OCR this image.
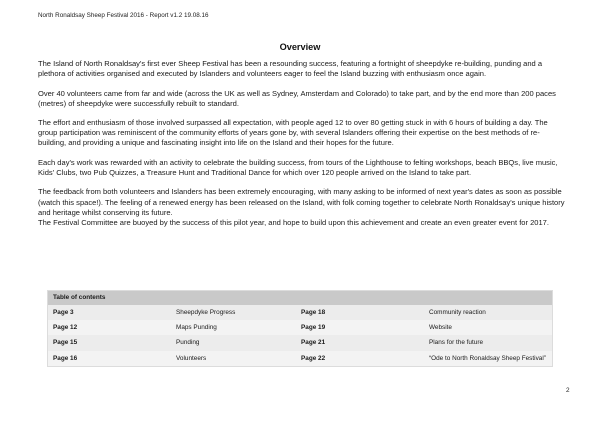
North Ronaldsay Sheep Festival 2016 - Report v1.2 19.08.16
Overview

The Island of North Ronaldsay's first ever Sheep Festival has been a resounding success, featuring a fortnight of sheepdyke re-building, punding and a plethora of activities organised and executed by Islanders and volunteers eager to feel the Island buzzing with enthusiasm once again.

Over 40 volunteers came from far and wide (across the UK as well as Sydney, Amsterdam and Colorado) to take part, and by the end more than 200 paces (metres) of sheepdyke were successfully rebuilt to standard.

The effort and enthusiasm of those involved surpassed all expectation, with people aged 12 to over 80 getting stuck in with 6 hours of building a day. The group participation was reminiscent of the community efforts of years gone by, with several Islanders offering their expertise on the best methods of re-building, and providing a unique and fascinating insight into life on the Island and their hopes for the future.

Each day's work was rewarded with an activity to celebrate the building success, from tours of the Lighthouse to felting workshops, beach BBQs, live music, Kids' Clubs, two Pub Quizzes, a Treasure Hunt and Traditional Dance for which over 120 people arrived on the Island to take part.

The feedback from both volunteers and Islanders has been extremely encouraging, with many asking to be informed of next year's dates as soon as possible (watch this space!). The feeling of a renewed energy has been released on the Island, with folk coming together to celebrate North Ronaldsay's unique history and heritage whilst conserving its future.

The Festival Committee are buoyed by the success of this pilot year, and hope to build upon this achievement and create an even greater event for 2017.

Table of contents
Page 3	Sheepdyke Progress	Page 18	Community reaction
Page 12	Maps Punding	Page 19	Website
Page 15	Punding	Page 21	Plans for the future
Page 16	Volunteers	Page 22	“Ode to North Ronaldsay Sheep Festival”
2
